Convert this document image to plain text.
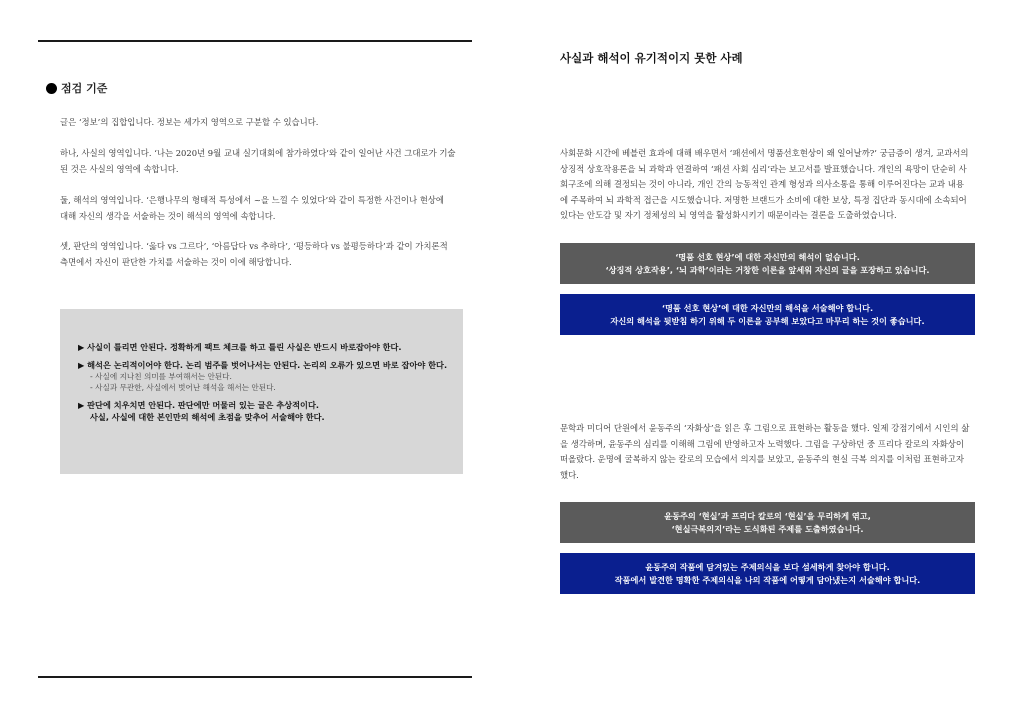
점검 기준

글은 ‘정보’의 집합입니다. 정보는 세가지 영역으로 구분할 수 있습니다.

하나, 사실의 영역입니다. ‘나는 2020년 9월 교내 실기대회에 참가하였다’와 같이 일어난 사건 그대로가 기술

된 것은 사실의 영역에 속합니다.

둘, 해석의 영역입니다. ‘은행나무의 형태적 특성에서 ~을 느낄 수 있었다’와 같이 특정한 사건이나 현상에

대해 자신의 생각을 서술하는 것이 해석의 영역에 속합니다.

셋, 판단의 영역입니다. ‘옳다 vs 그르다’, ‘아름답다 vs 추하다’, ‘평등하다 vs 불평등하다’과 같이 가치론적

측면에서 자신이 판단한 가치를 서술하는 것이 이에 해당합니다.

▶ 사실이 틀리면 안된다. 정확하게 팩트 체크를 하고 틀린 사실은 반드시 바로잡아야 한다.
▶ 해석은 논리적이어야 한다. 논리 범주를 벗어나서는 안된다. 논리의 오류가 있으면 바로 잡아야 한다.
- 사실에 지나친 의미를 부여해서는 안된다.
- 사실과 무관한, 사실에서 벗어난 해석을 해서는 안된다.
▶ 판단에 치우치면 안된다. 판단에만 머물러 있는 글은 추상적이다.
사실, 사실에 대한 본인만의 해석에 초점을 맞추어 서술해야 한다.
사실과 해석이 유기적이지 못한 사례

사회문화 시간에 베블런 효과에 대해 배우면서 ‘패션에서 명품선호현상이 왜 일어날까?’ 궁금증이 생겨, 교과서의

상징적 상호작용론을 뇌 과학과 연결하여 ‘패션 사회 심리’라는 보고서를 발표했습니다. 개인의 욕망이 단순히 사

회구조에 의해 결정되는 것이 아니라, 개인 간의 능동적인 관계 형성과 의사소통을 통해 이루어진다는 교과 내용

에 주목하여 뇌 과학적 접근을 시도했습니다. 저명한 브랜드가 소비에 대한 보상, 특정 집단과 동시대에 소속되어

있다는 안도감 및 자기 정체성의 뇌 영역을 활성화시키기 때문이라는 결론을 도출하였습니다.

‘명품 선호 현상’에 대한 자신만의 해석이 없습니다.
‘상징적 상호작용’, ‘뇌 과학’이라는 거창한 이론을 앞세워 자신의 글을 포장하고 있습니다.
‘명품 선호 현상’에 대한 자신만의 해석을 서술해야 합니다.
자신의 해석을 뒷받침 하기 위해 두 이론을 공부해 보았다고 마무리 하는 것이 좋습니다.

문학과 미디어 단원에서 윤동주의 ‘자화상’을 읽은 후 그림으로 표현하는 활동을 했다. 일제 강점기에서 시인의 삶

을 생각하며, 윤동주의 심리를 이해해 그림에 반영하고자 노력했다. 그림을 구상하던 중 프리다 칼로의 자화상이

떠올랐다. 운명에 굴복하지 않는 칼로의 모습에서 의지를 보았고, 윤동주의 현실 극복 의지를 이처럼 표현하고자

했다.

윤동주의 ‘현실’과 프리다 칼로의 ‘현실’을 무리하게 엮고,
‘현실극복의지’라는 도식화된 주제를 도출하였습니다.
윤동주의 작품에 담겨있는 주제의식을 보다 섬세하게 찾아야 합니다.
작품에서 발견한 명확한 주제의식을 나의 작품에 어떻게 담아냈는지 서술해야 합니다.
